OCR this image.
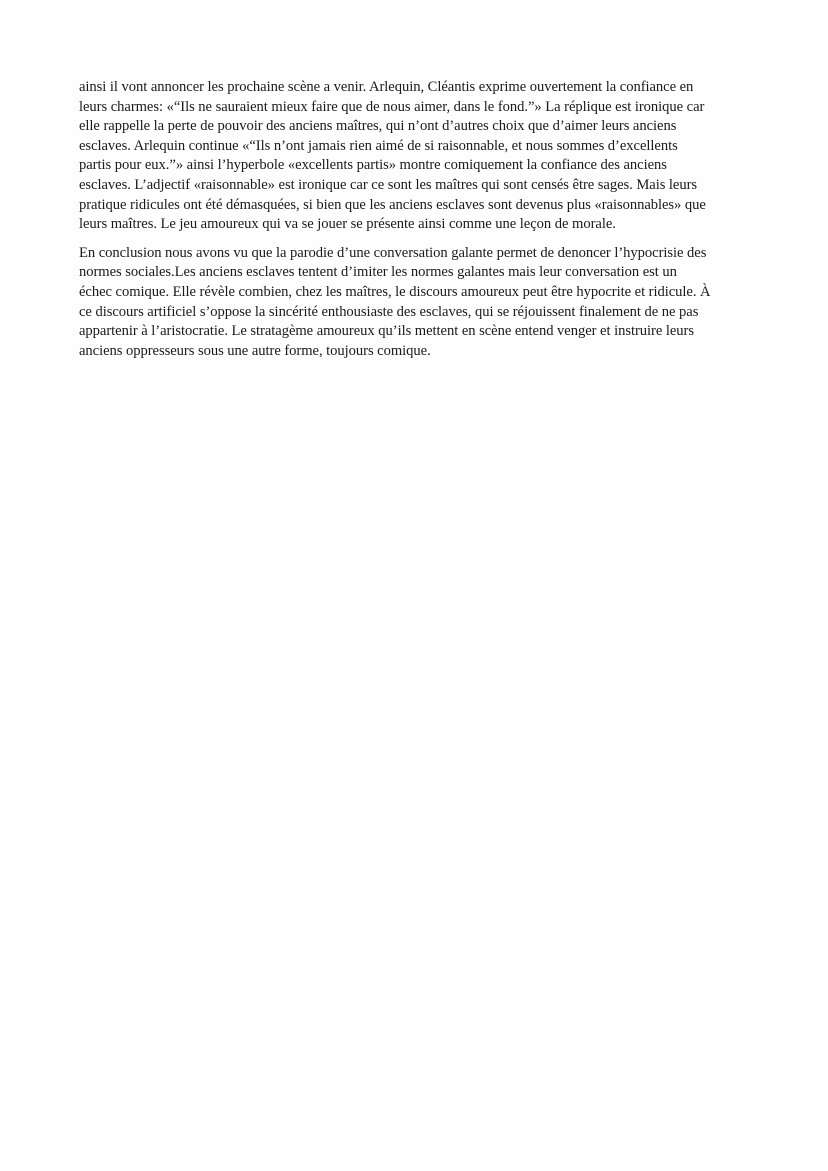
ainsi il vont annoncer les prochaine scène a venir. Arlequin, Cléantis exprime ouvertement la confiance en
leurs charmes: «“Ils ne sauraient mieux faire que de nous aimer, dans le fond.”» La réplique est ironique car
elle rappelle la perte de pouvoir des anciens maîtres, qui n’ont d’autres choix que d’aimer leurs anciens
esclaves. Arlequin continue «“Ils n’ont jamais rien aimé de si raisonnable, et nous sommes d’excellents
partis pour eux.”» ainsi l’hyperbole «excellents partis» montre comiquement la confiance des anciens
esclaves. L’adjectif «raisonnable» est ironique car ce sont les maîtres qui sont censés être sages. Mais leurs
pratique ridicules ont été démasquées, si bien que les anciens esclaves sont devenus plus «raisonnables» que
leurs maîtres. Le jeu amoureux qui va se jouer se présente ainsi comme une leçon de morale.

En conclusion nous avons vu que la parodie d’une conversation galante permet de denoncer l’hypocrisie des
normes sociales.Les anciens esclaves tentent d’imiter les normes galantes mais leur conversation est un
échec comique. Elle révèle combien, chez les maîtres, le discours amoureux peut être hypocrite et ridicule. À
ce discours artificiel s’oppose la sincérité enthousiaste des esclaves, qui se réjouissent finalement de ne pas
appartenir à l’aristocratie. Le stratagème amoureux qu’ils mettent en scène entend venger et instruire leurs
anciens oppresseurs sous une autre forme, toujours comique.
